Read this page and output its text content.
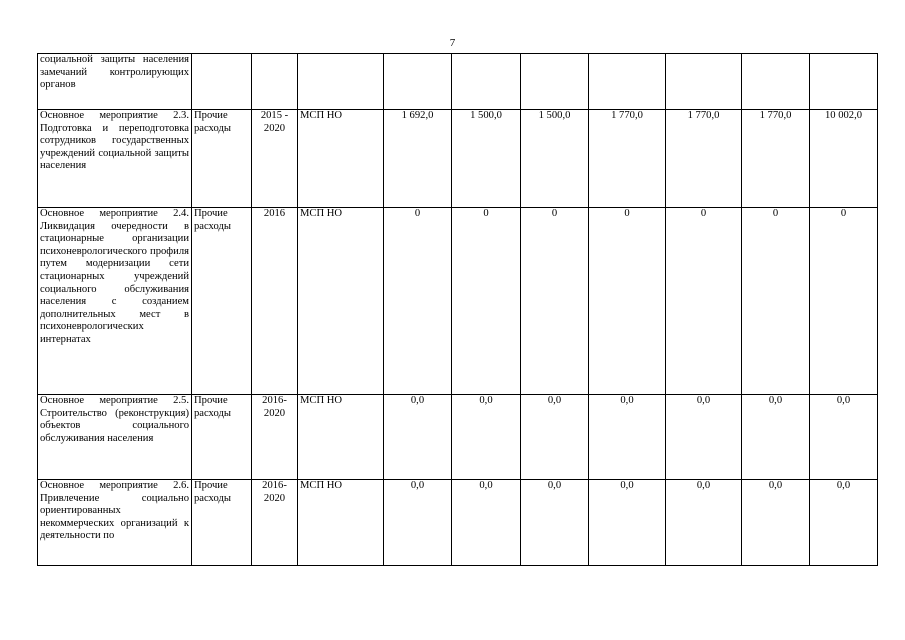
7
социальной защиты населения замечаний контролирующих органов										
Основное мероприятие 2.3. Подготовка и переподготовка сотрудников государственных учреждений социальной защиты населения	Прочие расходы	2015 - 2020	МСП НО	1 692,0	1 500,0	1 500,0	1 770,0	1 770,0	1 770,0	10 002,0
Основное мероприятие 2.4. Ликвидация очередности в стационарные организации психоневрологического профиля путем модернизации сети стационарных учреждений социального обслуживания населения с созданием дополнительных мест в психоневрологических интернатах	Прочие расходы	2016	МСП НО	0	0	0	0	0	0	0
Основное мероприятие 2.5. Строительство (реконструкция) объектов социального обслуживания населения	Прочие расходы	2016-2020	МСП НО	0,0	0,0	0,0	0,0	0,0	0,0	0,0
Основное мероприятие 2.6. Привлечение социально ориентированных некоммерческих организаций к деятельности по	Прочие расходы	2016-2020	МСП НО	0,0	0,0	0,0	0,0	0,0	0,0	0,0
